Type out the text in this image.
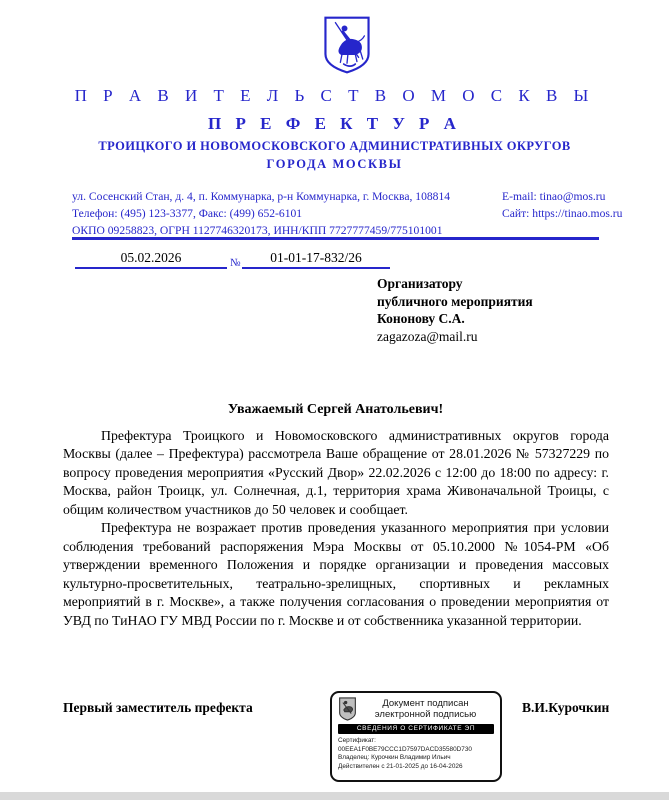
П Р А В И Т Е Л Ь С Т В О М О С К В Ы
П Р Е Ф Е К Т У Р А
ТРОИЦКОГО И НОВОМОСКОВСКОГО АДМИНИСТРАТИВНЫХ ОКРУГОВ
ГОРОДА МОСКВЫ
ул. Сосенский Стан, д. 4, п. Коммунарка, р-н Коммунарка, г. Москва, 108814
Телефон: (495) 123-3377, Факс: (499) 652-6101
ОКПО 09258823, ОГРН 1127746320173, ИНН/КПП 7727777459/775101001
E-mail: tinao@mos.ru
Сайт: https://tinao.mos.ru
05.02.2026	№	01-01-17-832/26
Организатору
публичного мероприятия
Кононову С.А.
zagazoza@mail.ru
Уважаемый Сергей Анатольевич!

Префектура Троицкого и Новомосковского административных округов города Москвы (далее – Префектура) рассмотрела Ваше обращение от 28.01.2026 № 57327229 по вопросу проведения мероприятия «Русский Двор» 22.02.2026 с 12:00 до 18:00 по адресу: г. Москва, район Троицк, ул. Солнечная, д.1, территория храма Живоначальной Троицы, с общим количеством участников до 50 человек и сообщает.

Префектура не возражает против проведения указанного мероприятия при условии соблюдения требований распоряжения Мэра Москвы от 05.10.2000 №1054-РМ «Об утверждении временного Положения и порядке организации и проведения массовых культурно-просветительных, театрально-зрелищных, спортивных и рекламных мероприятий в г. Москве», а также получения согласования о проведении мероприятия от УВД по ТиНАО ГУ МВД России по г. Москве и от собственника указанной территории.

Первый заместитель префекта	Документ подписан
электронной подписью
СВЕДЕНИЯ О СЕРТИФИКАТЕ ЭП
Сертификат: 00EEA1F0BE79CCC1D7597DACD35580D730
Владелец: Курочкин Владимир Ильич
Действителен с 21-01-2025 до 16-04-2026
В.И.Курочкин
